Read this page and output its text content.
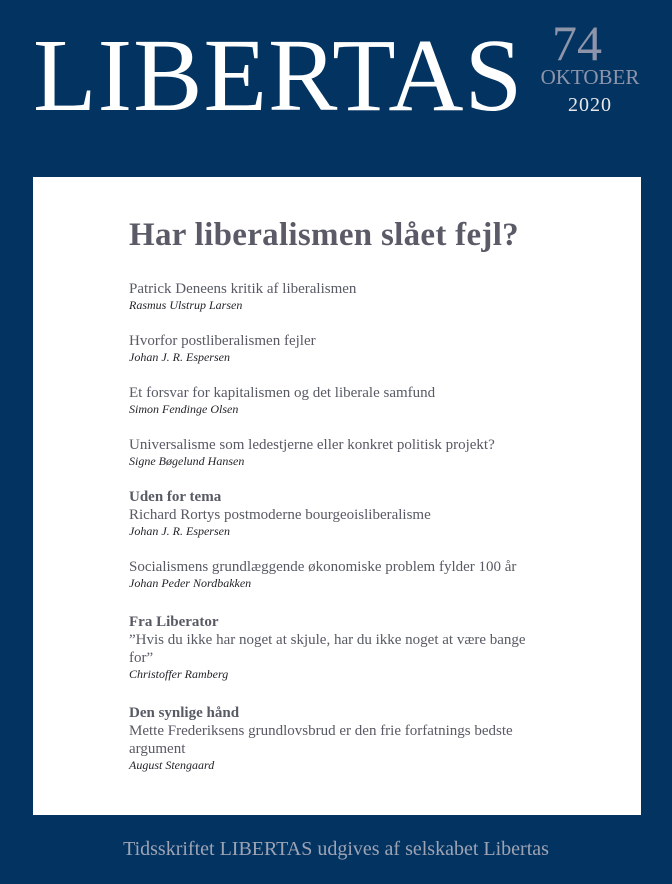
LIBERTAS 74
OKTOBER
2020
Har liberalismen slået fejl?
Patrick Deneens kritik af liberalismen
Rasmus Ulstrup Larsen
Hvorfor postliberalismen fejler
Johan J. R. Espersen
Et forsvar for kapitalismen og det liberale samfund
Simon Fendinge Olsen
Universalisme som ledestjerne eller konkret politisk projekt?
Signe Bøgelund Hansen
Uden for tema
Richard Rortys postmoderne bourgeoisliberalisme
Johan J. R. Espersen
Socialismens grundlæggende økonomiske problem fylder 100 år
Johan Peder Nordbakken
Fra Liberator
”Hvis du ikke har noget at skjule, har du ikke noget at være bange for”
Christoffer Ramberg
Den synlige hånd
Mette Frederiksens grundlovsbrud er den frie forfatnings bedste argument
August Stengaard
Tidsskriftet LIBERTAS udgives af selskabet Libertas
